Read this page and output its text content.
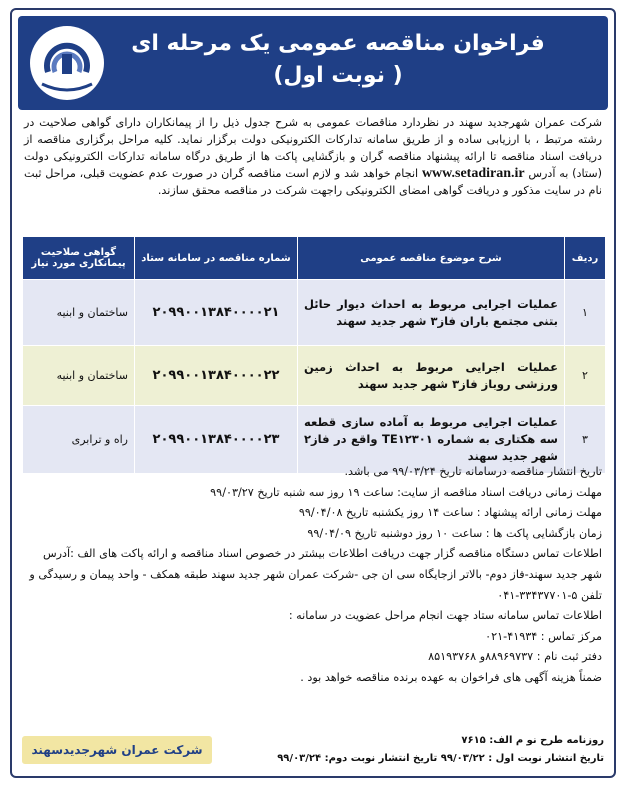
فراخوان مناقصه عمومی یک مرحله ای
( نوبت اول)
شرکت عمران شهرجدید سهند در نظردارد مناقصات عمومی به شرح جدول ذیل را از پیمانکاران دارای گواهی صلاحیت در رشته مرتبط ، با ارزیابی ساده و از طریق سامانه تدارکات الکترونیکی دولت برگزار نماید. کلیه مراحل برگزاری مناقصه از دریافت اسناد مناقصه تا ارائه پیشنهاد مناقصه گران و بازگشایی پاکت ها از طریق درگاه سامانه تدارکات الکترونیکی دولت (ستاد) به آدرس www.setadiran.ir انجام خواهد شد و لازم است مناقصه گران در صورت عدم عضویت قبلی، مراحل ثبت نام در سایت مذکور و دریافت گواهی امضای الکترونیکی راجهت شرکت در مناقصه محقق سازند.
ردیف	شرح موضوع مناقصه عمومی	شماره مناقصه در سامانه ستاد	گواهی صلاحیت پیمانکاری مورد نیاز
۱	عملیات اجرایی مربوط به احداث دیوار حائل بتنی مجتمع باران فاز۳ شهر جدید سهند	۲۰۹۹۰۰۱۳۸۴۰۰۰۰۲۱	ساختمان و ابنیه
۲	عملیات اجرایی مربوط به احداث زمین ورزشی روباز فاز۳ شهر جدید سهند	۲۰۹۹۰۰۱۳۸۴۰۰۰۰۲۲	ساختمان و ابنیه
۳	عملیات اجرایی مربوط به آماده سازی قطعه سه هکتاری به شماره TE۱۲۳۰۱ واقع در فاز۲ شهر جدید سهند	۲۰۹۹۰۰۱۳۸۴۰۰۰۰۲۳	راه و ترابری

تاریخ انتشار مناقصه درسامانه تاریخ ۹۹/۰۳/۲۴ می باشد.

مهلت زمانی دریافت اسناد مناقصه از سایت: ساعت ۱۹ روز سه شنبه تاریخ ۹۹/۰۳/۲۷

مهلت زمانی ارائه پیشنهاد : ساعت ۱۴ روز یکشنبه تاریخ ۹۹/۰۴/۰۸

زمان بازگشایی پاکت ها : ساعت ۱۰ روز دوشنبه تاریخ ۹۹/۰۴/۰۹

اطلاعات تماس دستگاه مناقصه گزار جهت دریافت اطلاعات بیشتر در خصوص اسناد مناقصه و ارائه پاکت های الف :آدرس شهر جدید سهند-فاز دوم- بالاتر ازجایگاه سی ان جی -شرکت عمران شهر جدید سهند طبقه همکف - واحد پیمان و رسیدگی و تلفن ۵-۳۳۴۳۷۷۰۱-۰۴۱

اطلاعات تماس سامانه ستاد جهت انجام مراحل عضویت در سامانه :

مرکز تماس : ۴۱۹۳۴-۰۲۱

دفتر ثبت نام : ۸۸۹۶۹۷۳۷و ۸۵۱۹۳۷۶۸

ضمناً هزینه آگهی های فراخوان به عهده برنده مناقصه خواهد بود .

روزنامه طرح نو م الف: ۷۶۱۵
تاریخ انتشار نوبت اول : ۹۹/۰۳/۲۲ تاریخ انتشار نوبت دوم: ۹۹/۰۳/۲۴
شرکت عمران شهرجدیدسهند
